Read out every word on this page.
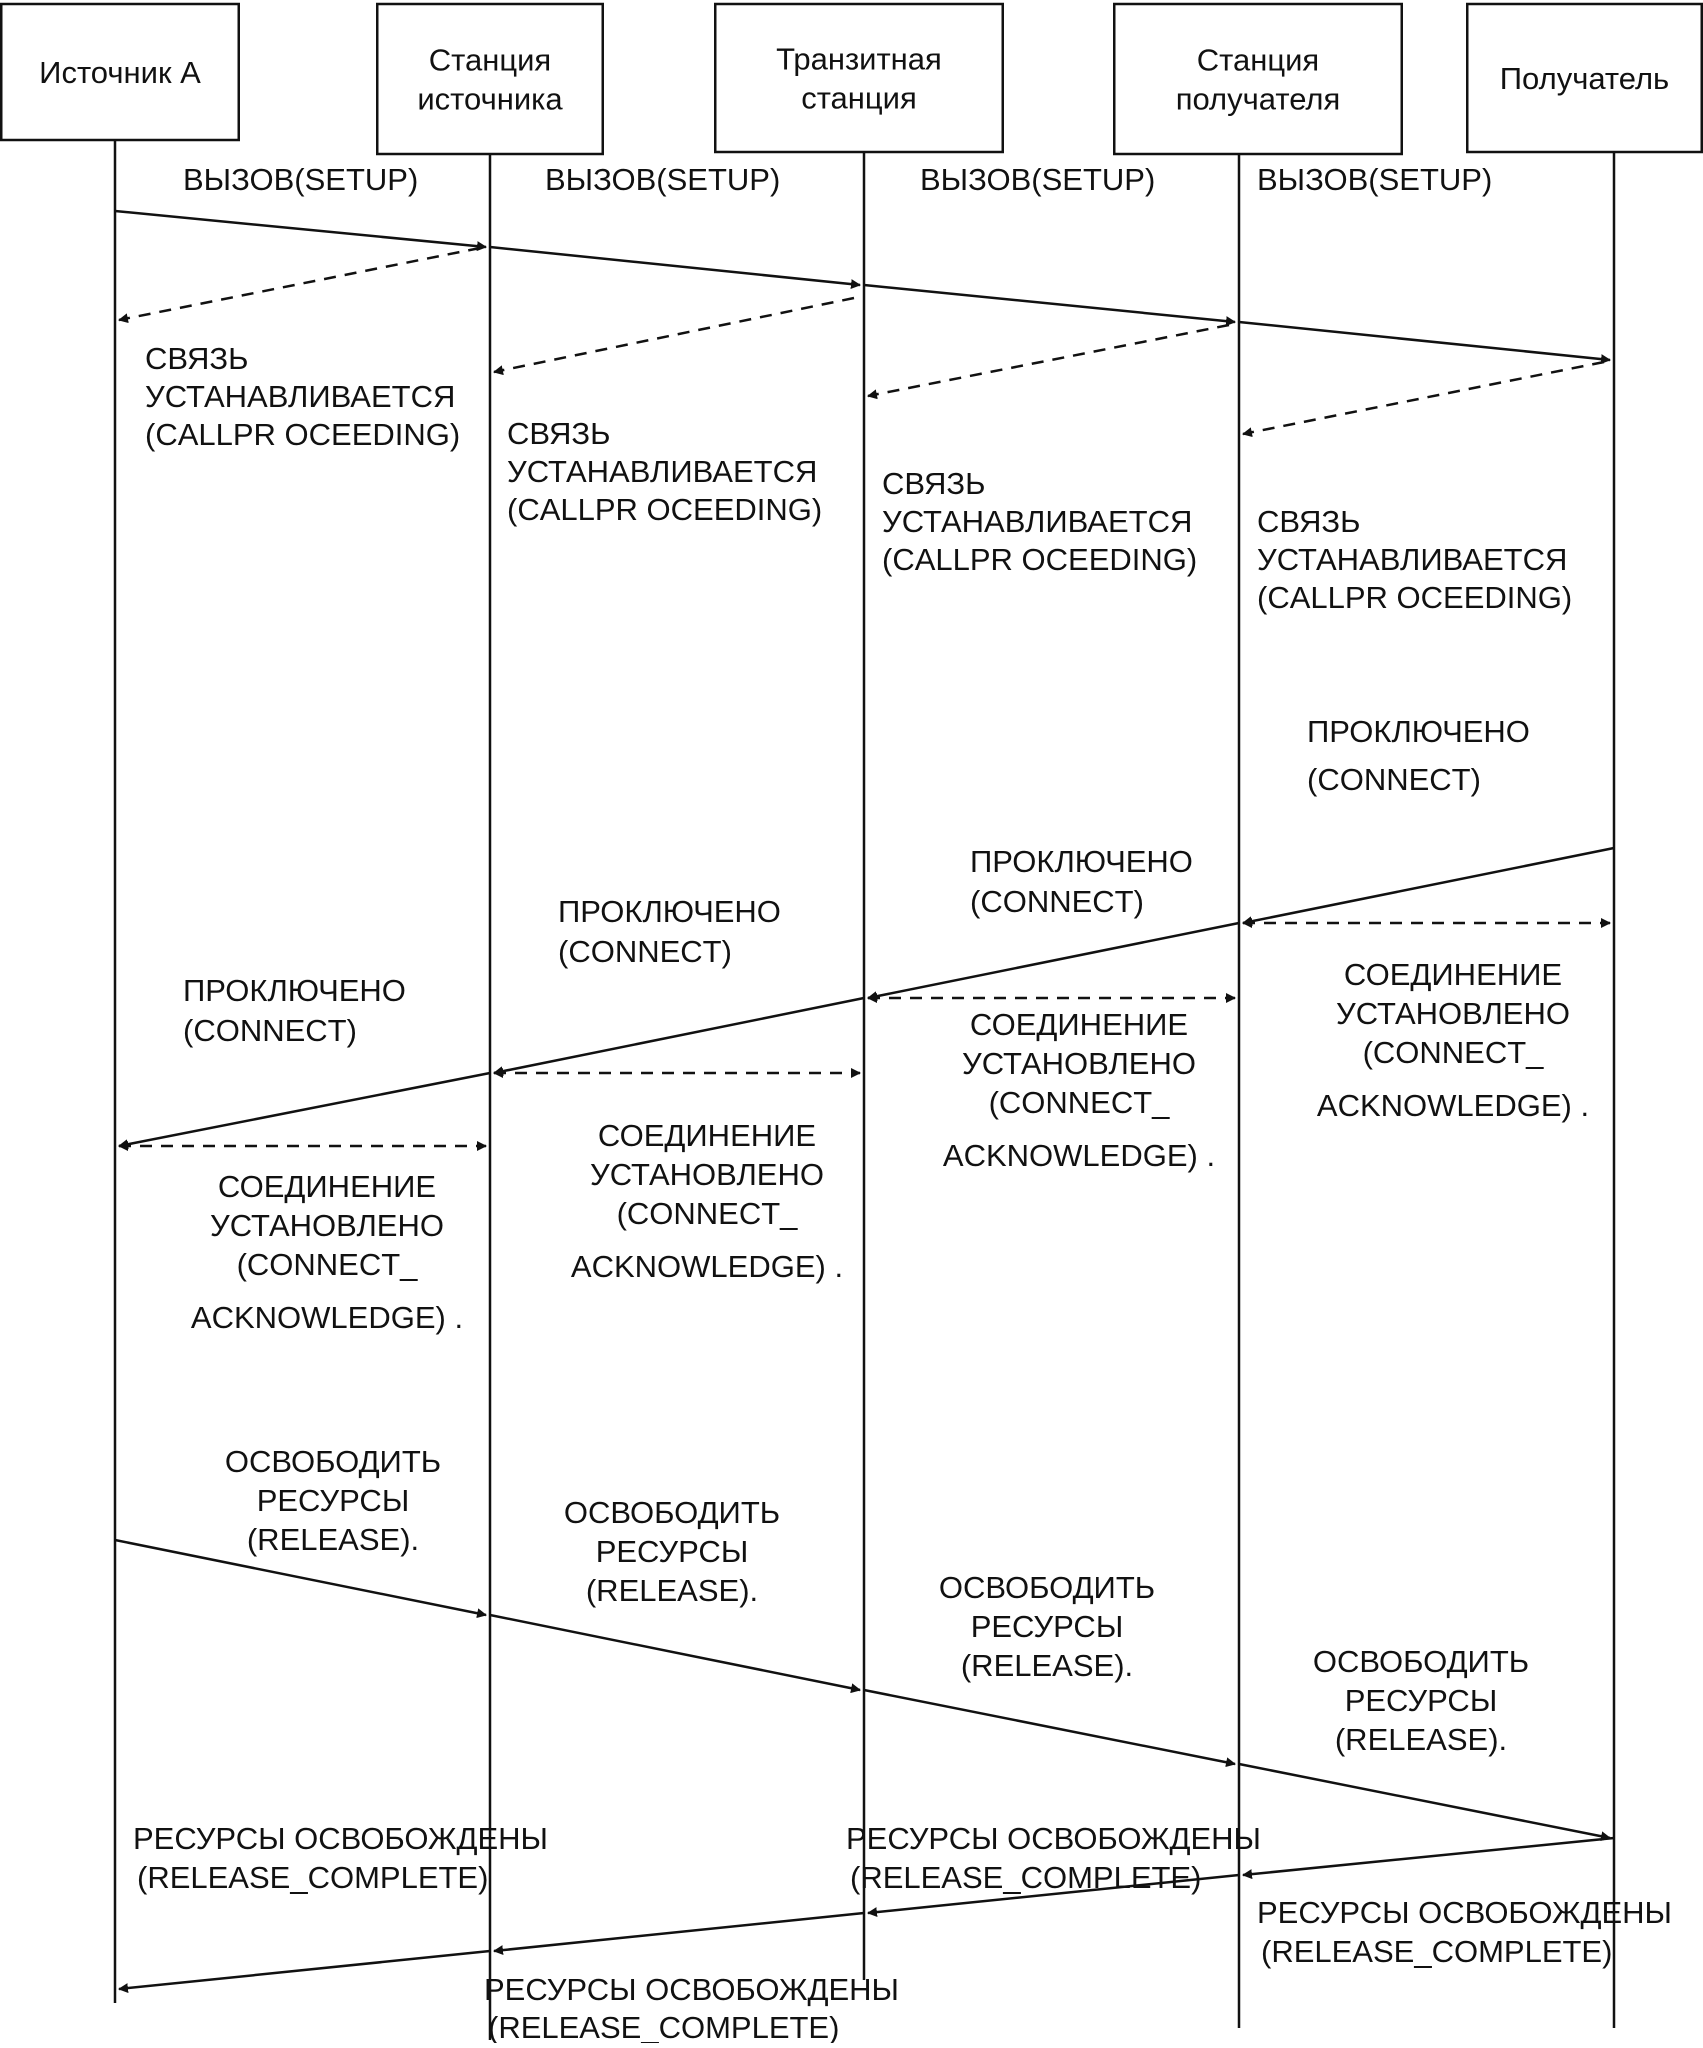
Источник А	Станция
источника
Транзитная
станция
Станция
получателя
Получатель
ВЫЗОВ(SETUP)	ВЫЗОВ(SETUP)	ВЫЗОВ(SETUP)	ВЫЗОВ(SETUP)
СВЯЗЬ
УСТАНАВЛИВАЕТСЯ
(CALLPR OCEEDING) СВЯЗЬ
УСТАНАВЛИВАЕТСЯ
(CALLPR OCEEDING)
СВЯЗЬ
УСТАНАВЛИВАЕТСЯ
(CALLPR OCEEDING)
СВЯЗЬ
УСТАНАВЛИВАЕТСЯ
(CALLPR OCEEDING)
ПРОКЛЮЧЕНО
(CONNECT)
ПРОКЛЮЧЕНО
(CONNECT)
ПРОКЛЮЧЕНО
(CONNECT)
ПРОКЛЮЧЕНО
(CONNECT)
СОЕДИНЕНИЕ
УСТАНОВЛЕНО
(CONNECT_
ACKNOWLEDGE) .
СОЕДИНЕНИЕ
УСТАНОВЛЕНО
(CONNECT_
ACKNOWLEDGE) .
СОЕДИНЕНИЕ
УСТАНОВЛЕНО
(CONNECT_
ACKNOWLEDGE) .
СОЕДИНЕНИЕ
УСТАНОВЛЕНО
(CONNECT_
ACKNOWLEDGE) .
ОСВОБОДИТЬ
РЕСУРСЫ
(RELEASE).
ОСВОБОДИТЬ
РЕСУРСЫ
(RELEASE).	ОСВОБОДИТЬ
РЕСУРСЫ
(RELEASE).	ОСВОБОДИТЬ
РЕСУРСЫ
(RELEASE).
РЕСУРСЫ ОСВОБОЖДЕНЫ
(RELEASE_COMPLETE)
РЕСУРСЫ ОСВОБОЖДЕНЫ
(RELEASE_COMPLETE)
РЕСУРСЫ ОСВОБОЖДЕНЫ
(RELEASE_COMPLETE)
РЕСУРСЫ ОСВОБОЖДЕНЫ
(RELEASE_COMPLETE)
